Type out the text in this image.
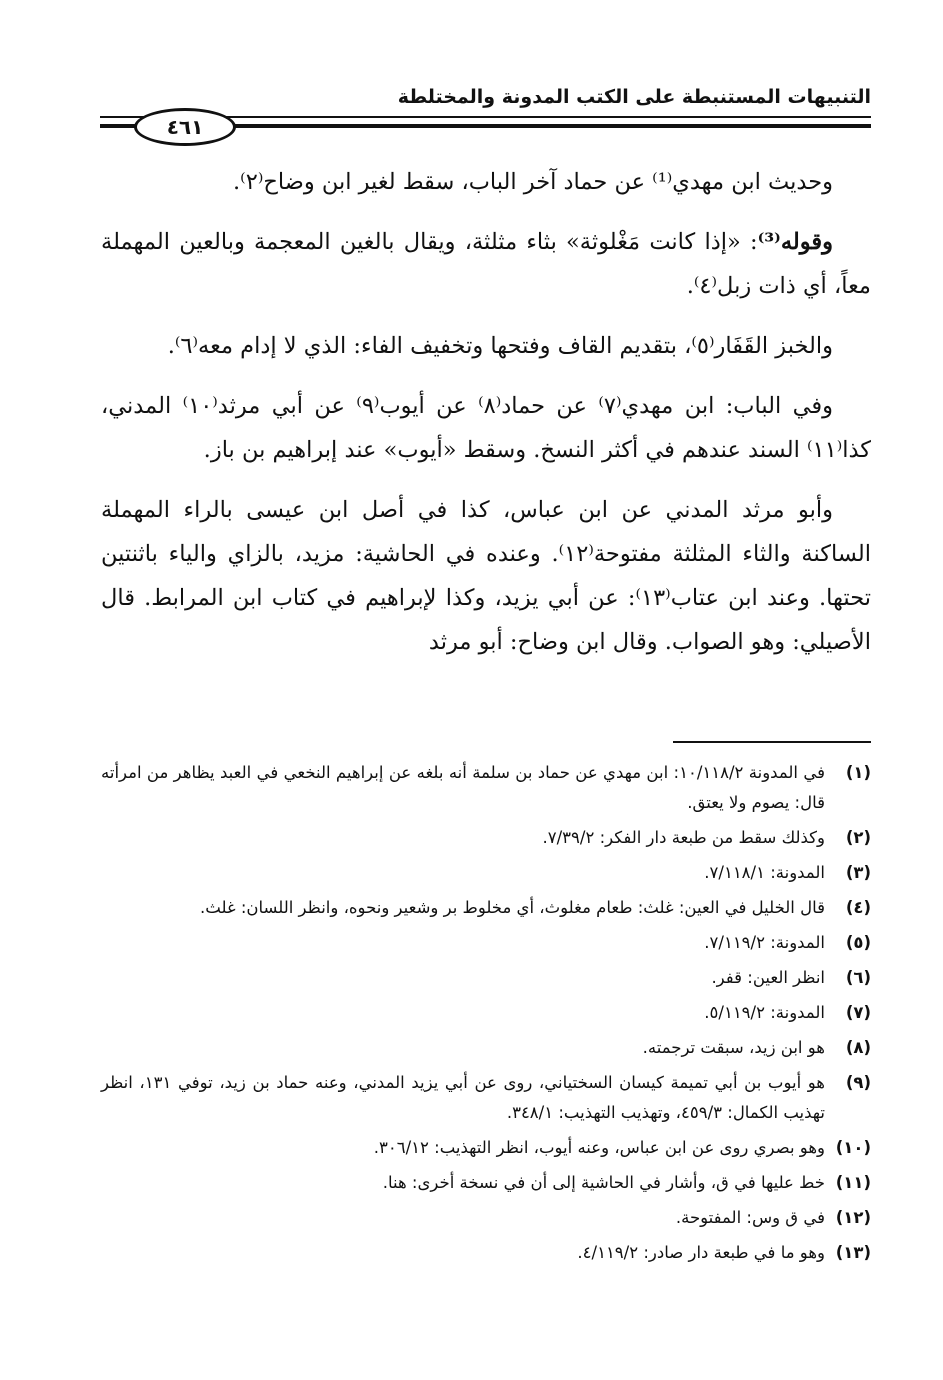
التنبيهات المستنبطة على الكتب المدونة والمختلطة
٤٦١

وحديث ابن مهدي⁽¹⁾ عن حماد آخر الباب، سقط لغير ابن وضاح⁽٢⁾.

وقوله⁽³⁾: «إذا كانت مَغْلوثة» بثاء مثلثة، ويقال بالغين المعجمة وبالعين المهملة معاً، أي ذات زبل⁽٤⁾.

والخبز القَفَار⁽٥⁾، بتقديم القاف وفتحها وتخفيف الفاء: الذي لا إدام معه⁽٦⁾.

وفي الباب: ابن مهدي⁽٧⁾ عن حماد⁽٨⁾ عن أيوب⁽٩⁾ عن أبي مرثد⁽١٠⁾ المدني، كذا⁽١١⁾ السند عندهم في أكثر النسخ. وسقط «أيوب» عند إبراهيم بن باز.

وأبو مرثد المدني عن ابن عباس، كذا في أصل ابن عيسى بالراء المهملة الساكنة والثاء المثلثة مفتوحة⁽١٢⁾. وعنده في الحاشية: مزيد، بالزاي والياء باثنتين تحتها. وعند ابن عتاب⁽١٣⁾: عن أبي يزيد، وكذا لإبراهيم في كتاب ابن المرابط. قال الأصيلي: وهو الصواب. وقال ابن وضاح: أبو مرثد

(١)
في المدونة ١٠/١١٨/٢: ابن مهدي عن حماد بن سلمة أنه بلغه عن إبراهيم النخعي في العبد يظاهر من امرأته قال: يصوم ولا يعتق.
(٢)
وكذلك سقط من طبعة دار الفكر: ٧/٣٩/٢.
(٣)
المدونة: ٧/١١٨/١.
(٤)
قال الخليل في العين: غلث: طعام مغلوث، أي مخلوط بر وشعير ونحوه، وانظر اللسان: غلث.
(٥)
المدونة: ٧/١١٩/٢.
(٦)
انظر العين: قفر.
(٧)
المدونة: ٥/١١٩/٢.
(٨)
هو ابن زيد، سبقت ترجمته.
(٩)
هو أيوب بن أبي تميمة كيسان السختياني، روى عن أبي يزيد المدني، وعنه حماد بن زيد، توفي ١٣١، انظر تهذيب الكمال: ٤٥٩/٣، وتهذيب التهذيب: ٣٤٨/١.
(١٠)
وهو بصري روى عن ابن عباس، وعنه أيوب، انظر التهذيب: ٣٠٦/١٢.
(١١)
خط عليها في ق، وأشار في الحاشية إلى أن في نسخة أخرى: هنا.
(١٢)
في ق وس: المفتوحة.
(١٣)
وهو ما في طبعة دار صادر: ٤/١١٩/٢.
